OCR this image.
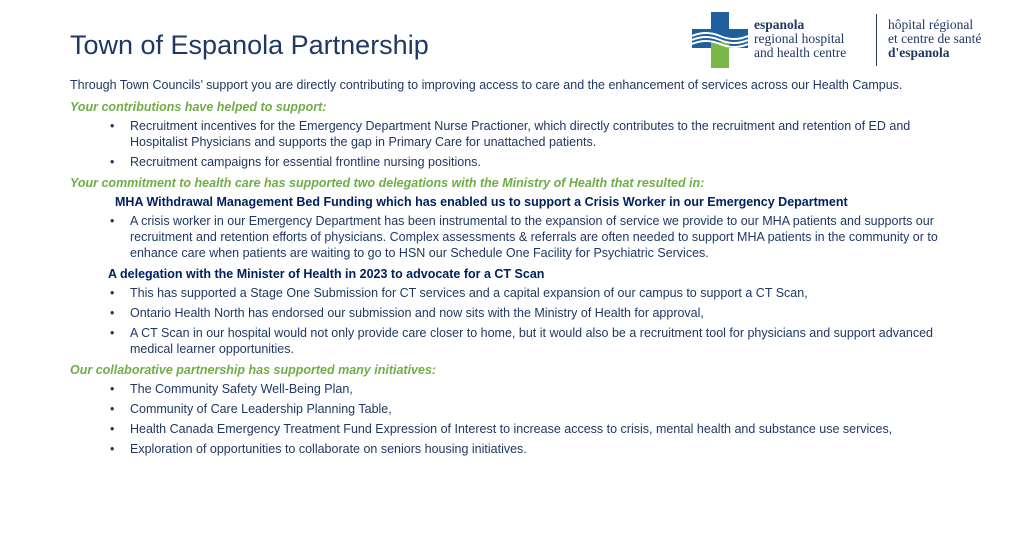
Town of Espanola Partnership
espanola
regional hospital
and health centre
hôpital régional
et centre de santé
d'espanola

Through Town Councils’ support you are directly contributing to improving access to care and the enhancement of services across our Health Campus.

Your contributions have helped to support:

• Recruitment incentives for the Emergency Department Nurse Practioner, which directly contributes to the recruitment and retention of ED and Hospitalist Physicians and supports the gap in Primary Care for unattached patients.
• Recruitment campaigns for essential frontline nursing positions.

Your commitment to health care has supported two delegations with the Ministry of Health that resulted in:

MHA Withdrawal Management Bed Funding which has enabled us to support a Crisis Worker in our Emergency Department

• A crisis worker in our Emergency Department has been instrumental to the expansion of service we provide to our MHA patients and supports our recruitment and retention efforts of physicians. Complex assessments & referrals are often needed to support MHA patients in the community or to enhance care when patients are waiting to go to HSN our Schedule One Facility for Psychiatric Services.

A delegation with the Minister of Health in 2023 to advocate for a CT Scan

• This has supported a Stage One Submission for CT services and a capital expansion of our campus to support a CT Scan,
• Ontario Health North has endorsed our submission and now sits with the Ministry of Health for approval,
• A CT Scan in our hospital would not only provide care closer to home, but it would also be a recruitment tool for physicians and support advanced medical learner opportunities.

Our collaborative partnership has supported many initiatives:

• The Community Safety Well-Being Plan,
• Community of Care Leadership Planning Table,
• Health Canada Emergency Treatment Fund Expression of Interest to increase access to crisis, mental health and substance use services,
• Exploration of opportunities to collaborate on seniors housing initiatives.
